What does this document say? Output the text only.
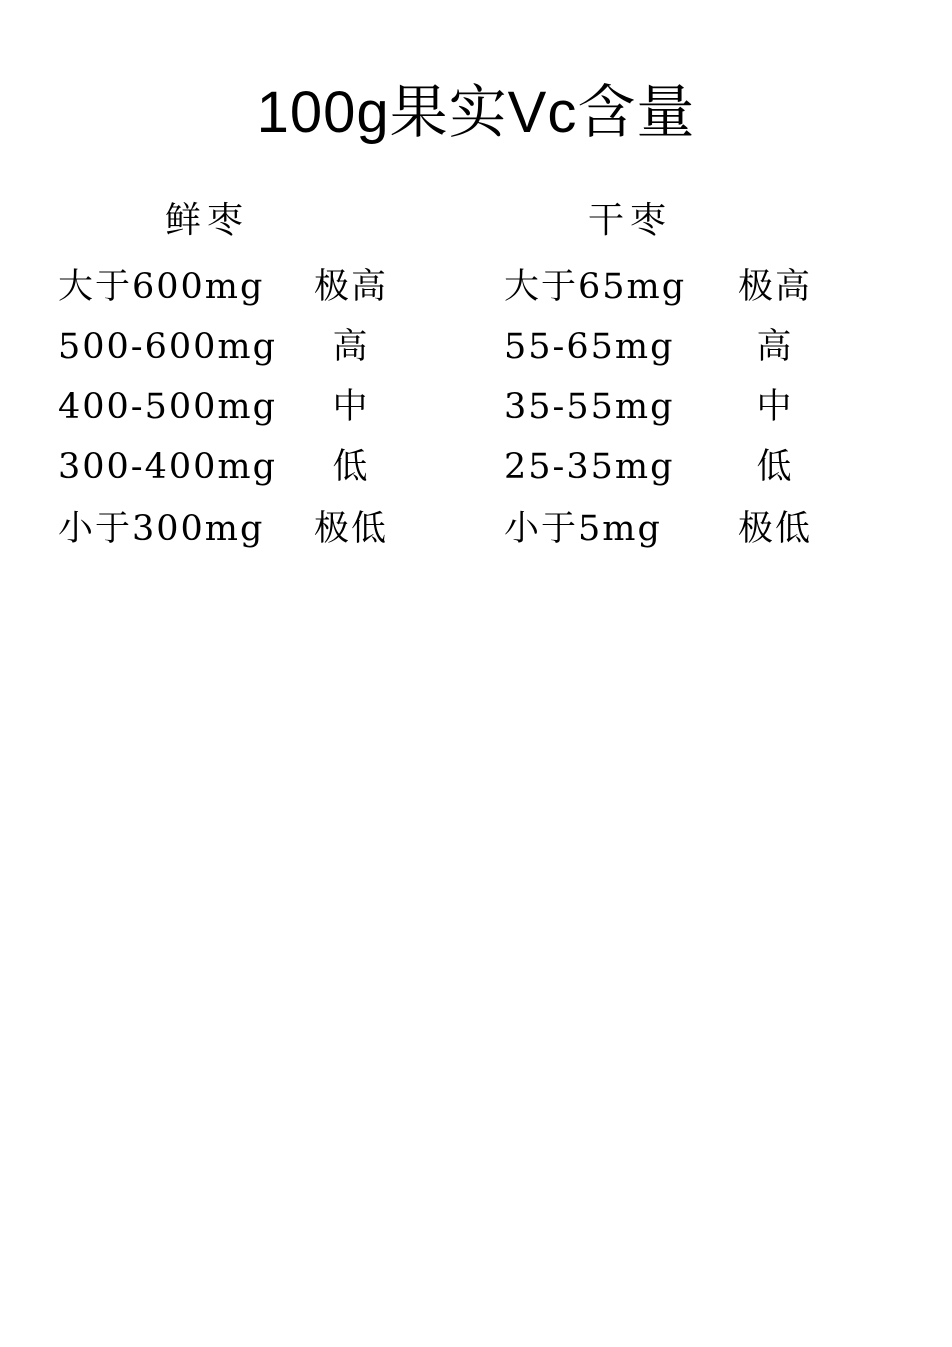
100g果实Vc含量
鲜枣	干枣
大于600mg	极高	大于65mg	极高
500-600mg	高	55-65mg	高
400-500mg	中	35-55mg	中
300-400mg	低	25-35mg	低
小于300mg	极低	小于5mg	极低
